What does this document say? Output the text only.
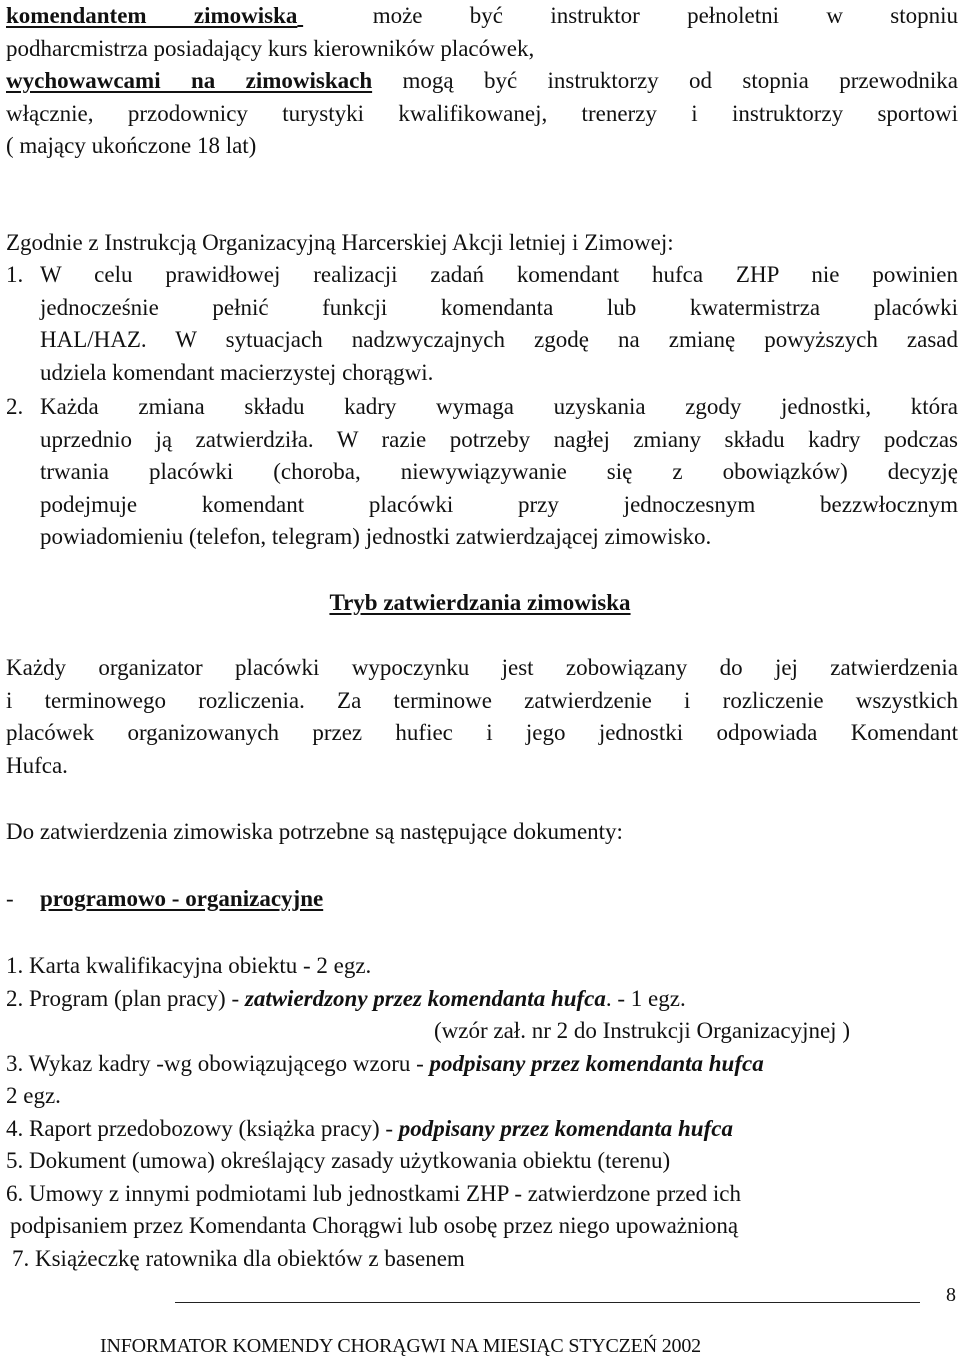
komendantem zimowiska	może być instruktor pełnoletni w stopniu

podharcmistrza posiadający kurs kierowników placówek,

wychowawcami na zimowiskach mogą być instruktorzy od stopnia przewodnika

włącznie, przodownicy turystyki kwalifikowanej, trenerzy i instruktorzy sportowi

( mający ukończone 18 lat)

Zgodnie z Instrukcją Organizacyjną Harcerskiej Akcji letniej i Zimowej:

1. W celu prawidłowej realizacji zadań komendant hufca ZHP nie powinien

jednocześnie pełnić funkcji komendanta lub kwatermistrza placówki

HAL/HAZ. W sytuacjach nadzwyczajnych zgodę na zmianę powyższych zasad

udziela komendant macierzystej chorągwi.

2. Każda zmiana składu kadry wymaga uzyskania zgody jednostki, która

uprzednio ją zatwierdziła. W razie potrzeby nagłej zmiany składu kadry podczas

trwania placówki (choroba, niewywiązywanie się z obowiązków) decyzję

podejmuje komendant placówki przy jednoczesnym bezzwłocznym

powiadomieniu (telefon, telegram) jednostki zatwierdzającej zimowisko.

Tryb zatwierdzania zimowiska

Każdy organizator placówki wypoczynku jest zobowiązany do jej zatwierdzenia

i terminowego rozliczenia. Za terminowe zatwierdzenie i rozliczenie wszystkich

placówek organizowanych przez hufiec i jego jednostki odpowiada Komendant

Hufca.

Do zatwierdzenia zimowiska potrzebne są następujące dokumenty:

- programowo - organizacyjne

1. Karta kwalifikacyjna obiektu - 2 egz.

2. Program (plan pracy) - zatwierdzony przez komendanta hufca. - 1 egz.

(wzór zał. nr 2 do Instrukcji Organizacyjnej )

3. Wykaz kadry -wg obowiązującego wzoru - podpisany przez komendanta hufca

2 egz.

4. Raport przedobozowy (książka pracy) - podpisany przez komendanta hufca

5. Dokument (umowa) określający zasady użytkowania obiektu (terenu)

6. Umowy z innymi podmiotami lub jednostkami ZHP - zatwierdzone przed ich

podpisaniem przez Komendanta Chorągwi lub osobę przez niego upoważnioną

7. Książeczkę ratownika dla obiektów z basenem

8

INFORMATOR KOMENDY CHORĄGWI NA MIESIĄC STYCZEŃ 2002
